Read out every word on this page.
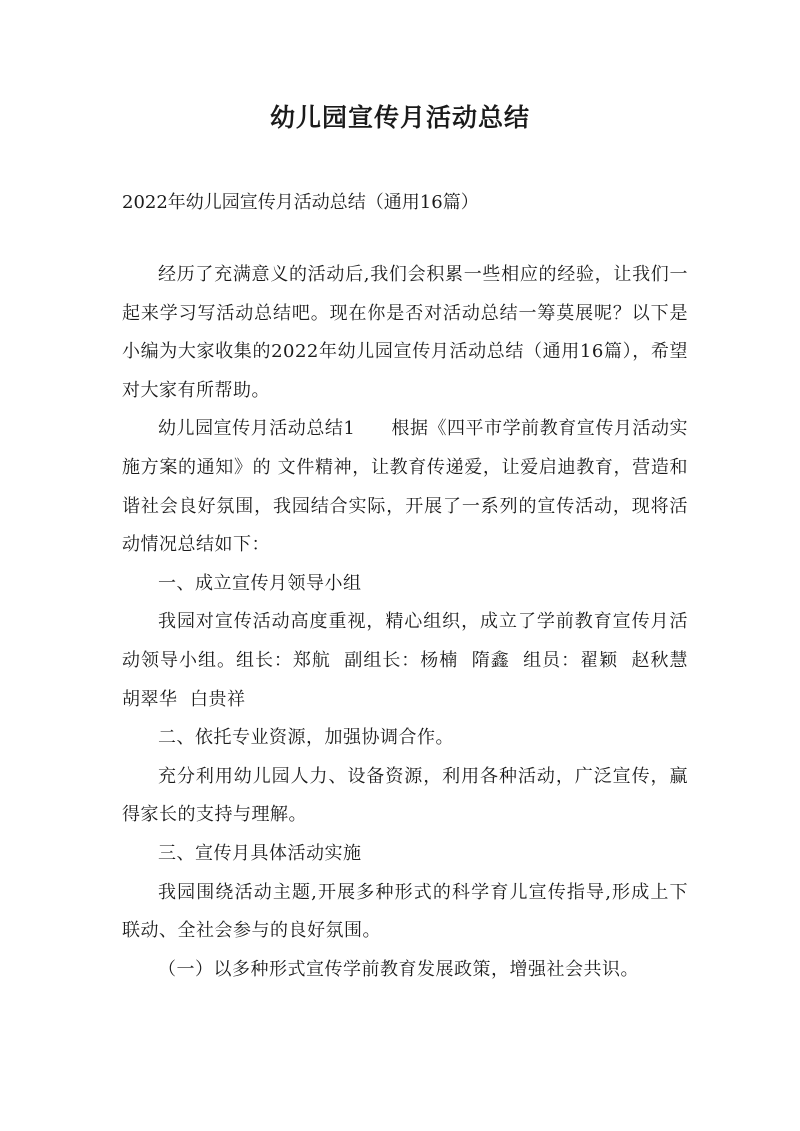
幼儿园宣传月活动总结
2022年幼儿园宣传月活动总结（通用16篇）

经历了充满意义的活动后,我们会积累一些相应的经验，让我们一起来学习写活动总结吧。现在你是否对活动总结一筹莫展呢？以下是小编为大家收集的2022年幼儿园宣传月活动总结（通用16篇），希望对大家有所帮助。

幼儿园宣传月活动总结1 根据《四平市学前教育宣传月活动实施方案的通知》的 文件精神，让教育传递爱，让爱启迪教育，营造和谐社会良好氛围，我园结合实际，开展了一系列的宣传活动，现将活动情况总结如下：

一、成立宣传月领导小组

我园对宣传活动高度重视，精心组织，成立了学前教育宣传月活动领导小组。组长：郑航  副组长：杨楠  隋鑫  组员：翟颖  赵秋慧  胡翠华  白贵祥

二、依托专业资源，加强协调合作。

充分利用幼儿园人力、设备资源，利用各种活动，广泛宣传，赢得家长的支持与理解。

三、宣传月具体活动实施

我园围绕活动主题,开展多种形式的科学育儿宣传指导,形成上下联动、全社会参与的良好氛围。

（一）以多种形式宣传学前教育发展政策，增强社会共识。
